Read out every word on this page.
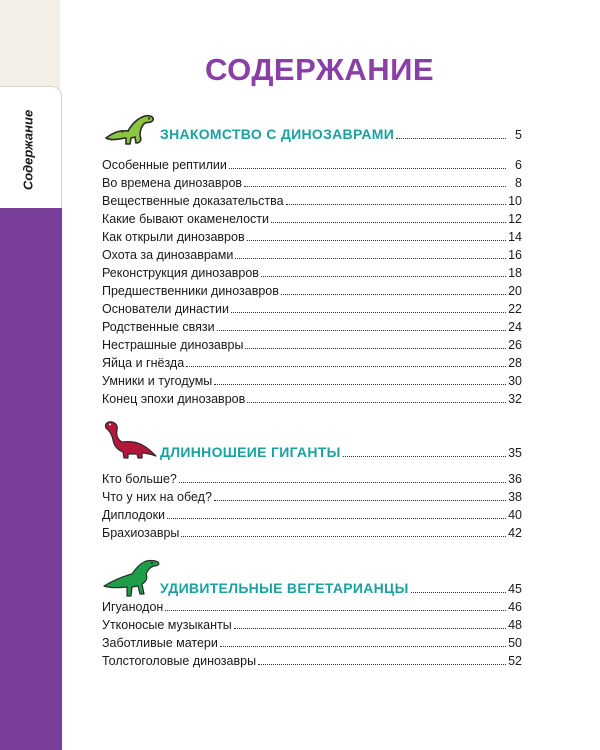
Содержание
СОДЕРЖАНИЕ
ЗНАКОМСТВО С ДИНОЗАВРАМИ	5
Особенные рептилии	6
Во времена динозавров	8
Вещественные доказательства	10
Какие бывают окаменелости	12
Как открыли динозавров	14
Охота за динозаврами	16
Реконструкция динозавров	18
Предшественники динозавров	20
Основатели династии	22
Родственные связи	24
Нестрашные динозавры	26
Яйца и гнёзда	28
Умники и тугодумы	30
Конец эпохи динозавров	32
ДЛИННОШЕИЕ ГИГАНТЫ	35
Кто больше?	36
Что у них на обед?	38
Диплодоки	40
Брахиозавры	42
УДИВИТЕЛЬНЫЕ ВЕГЕТАРИАНЦЫ	45
Игуанодон	46
Утконосые музыканты	48
Заботливые матери	50
Толстоголовые динозавры	52
